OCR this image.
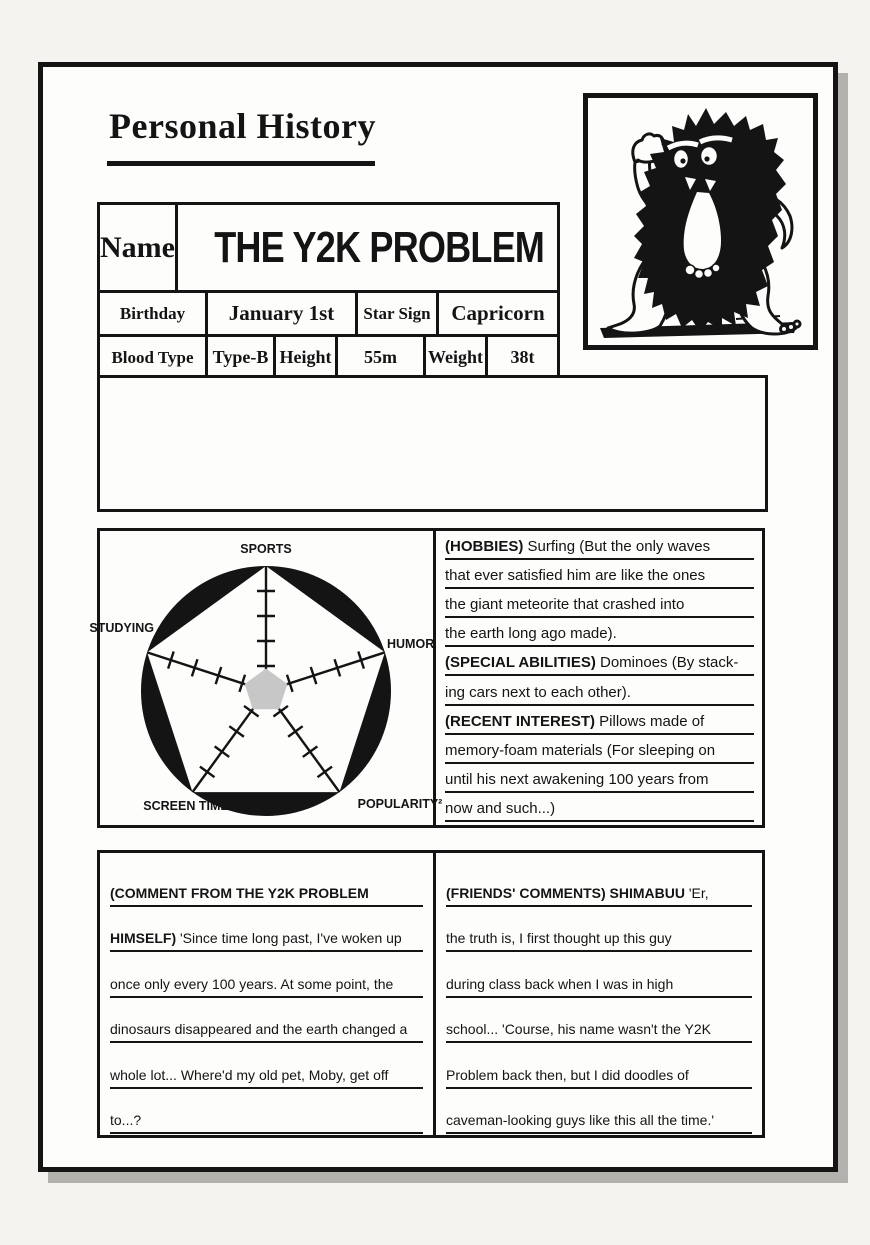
Personal History
Name THE Y2K PROBLEM
Birthday	January 1st	Star Sign Capricorn
Blood Type	Type-B Height	55m	Weight	38t
SPORTS
HUMOR
POPULARITY²
SCREEN TIME
STUDYING
(HOBBIES) Surfing (But the only waves
that ever satisfied him are like the ones
the giant meteorite that crashed into
the earth long ago made).
(SPECIAL ABILITIES) Dominoes (By stack-
ing cars next to each other).
(RECENT INTEREST) Pillows made of
memory-foam materials (For sleeping on
until his next awakening 100 years from
now and such...)
(COMMENT FROM THE Y2K PROBLEM
HIMSELF) 'Since time long past, I've woken up
once only every 100 years. At some point, the
dinosaurs disappeared and the earth changed a
whole lot... Where'd my old pet, Moby, get off
to...?
(FRIENDS' COMMENTS) SHIMABUU 'Er,
the truth is, I first thought up this guy
during class back when I was in high
school... 'Course, his name wasn't the Y2K
Problem back then, but I did doodles of
caveman-looking guys like this all the time.'
